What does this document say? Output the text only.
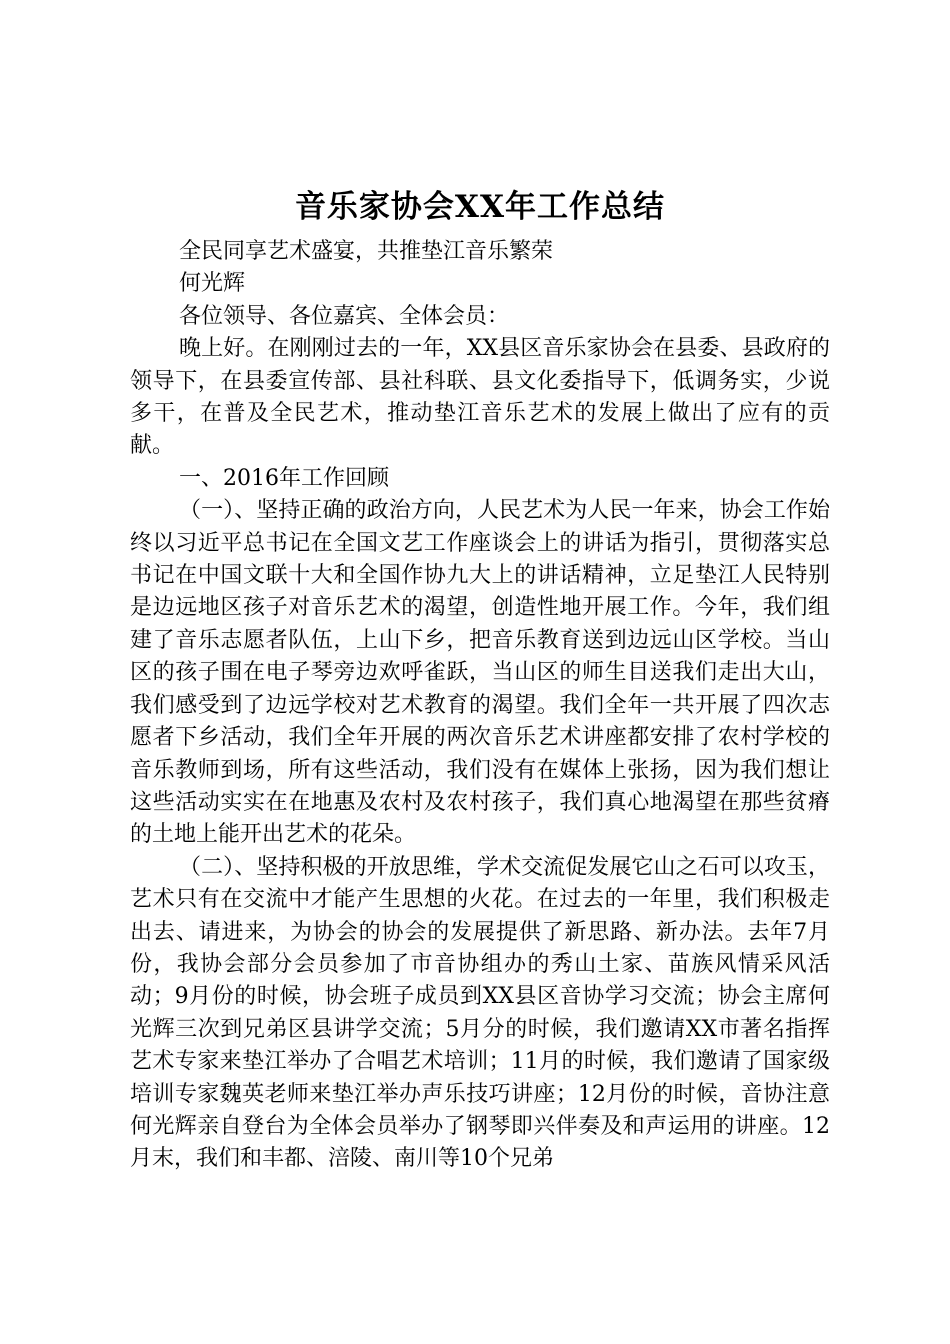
音乐家协会XX年工作总结

全民同享艺术盛宴，共推垫江音乐繁荣

何光辉

各位领导、各位嘉宾、全体会员：

晚上好。在刚刚过去的一年，XX县区音乐家协会在县委、县政府的领导下，在县委宣传部、县社科联、县文化委指导下，低调务实，少说多干，在普及全民艺术，推动垫江音乐艺术的发展上做出了应有的贡献。

一、2016年工作回顾

（一）、坚持正确的政治方向，人民艺术为人民一年来，协会工作始终以习近平总书记在全国文艺工作座谈会上的讲话为指引，贯彻落实总书记在中国文联十大和全国作协九大上的讲话精神，立足垫江人民特别是边远地区孩子对音乐艺术的渴望，创造性地开展工作。今年，我们组建了音乐志愿者队伍，上山下乡，把音乐教育送到边远山区学校。当山区的孩子围在电子琴旁边欢呼雀跃，当山区的师生目送我们走出大山，我们感受到了边远学校对艺术教育的渴望。我们全年一共开展了四次志愿者下乡活动，我们全年开展的两次音乐艺术讲座都安排了农村学校的音乐教师到场，所有这些活动，我们没有在媒体上张扬，因为我们想让这些活动实实在在地惠及农村及农村孩子，我们真心地渴望在那些贫瘠的土地上能开出艺术的花朵。

（二）、坚持积极的开放思维，学术交流促发展它山之石可以攻玉，艺术只有在交流中才能产生思想的火花。在过去的一年里，我们积极走出去、请进来，为协会的协会的发展提供了新思路、新办法。去年7月份，我协会部分会员参加了市音协组办的秀山土家、苗族风情采风活动；9月份的时候，协会班子成员到XX县区音协学习交流；协会主席何光辉三次到兄弟区县讲学交流；5月分的时候，我们邀请XX市著名指挥艺术专家来垫江举办了合唱艺术培训；11月的时候，我们邀请了国家级培训专家魏英老师来垫江举办声乐技巧讲座；12月份的时候，音协注意何光辉亲自登台为全体会员举办了钢琴即兴伴奏及和声运用的讲座。12月末，我们和丰都、涪陵、南川等10个兄弟
